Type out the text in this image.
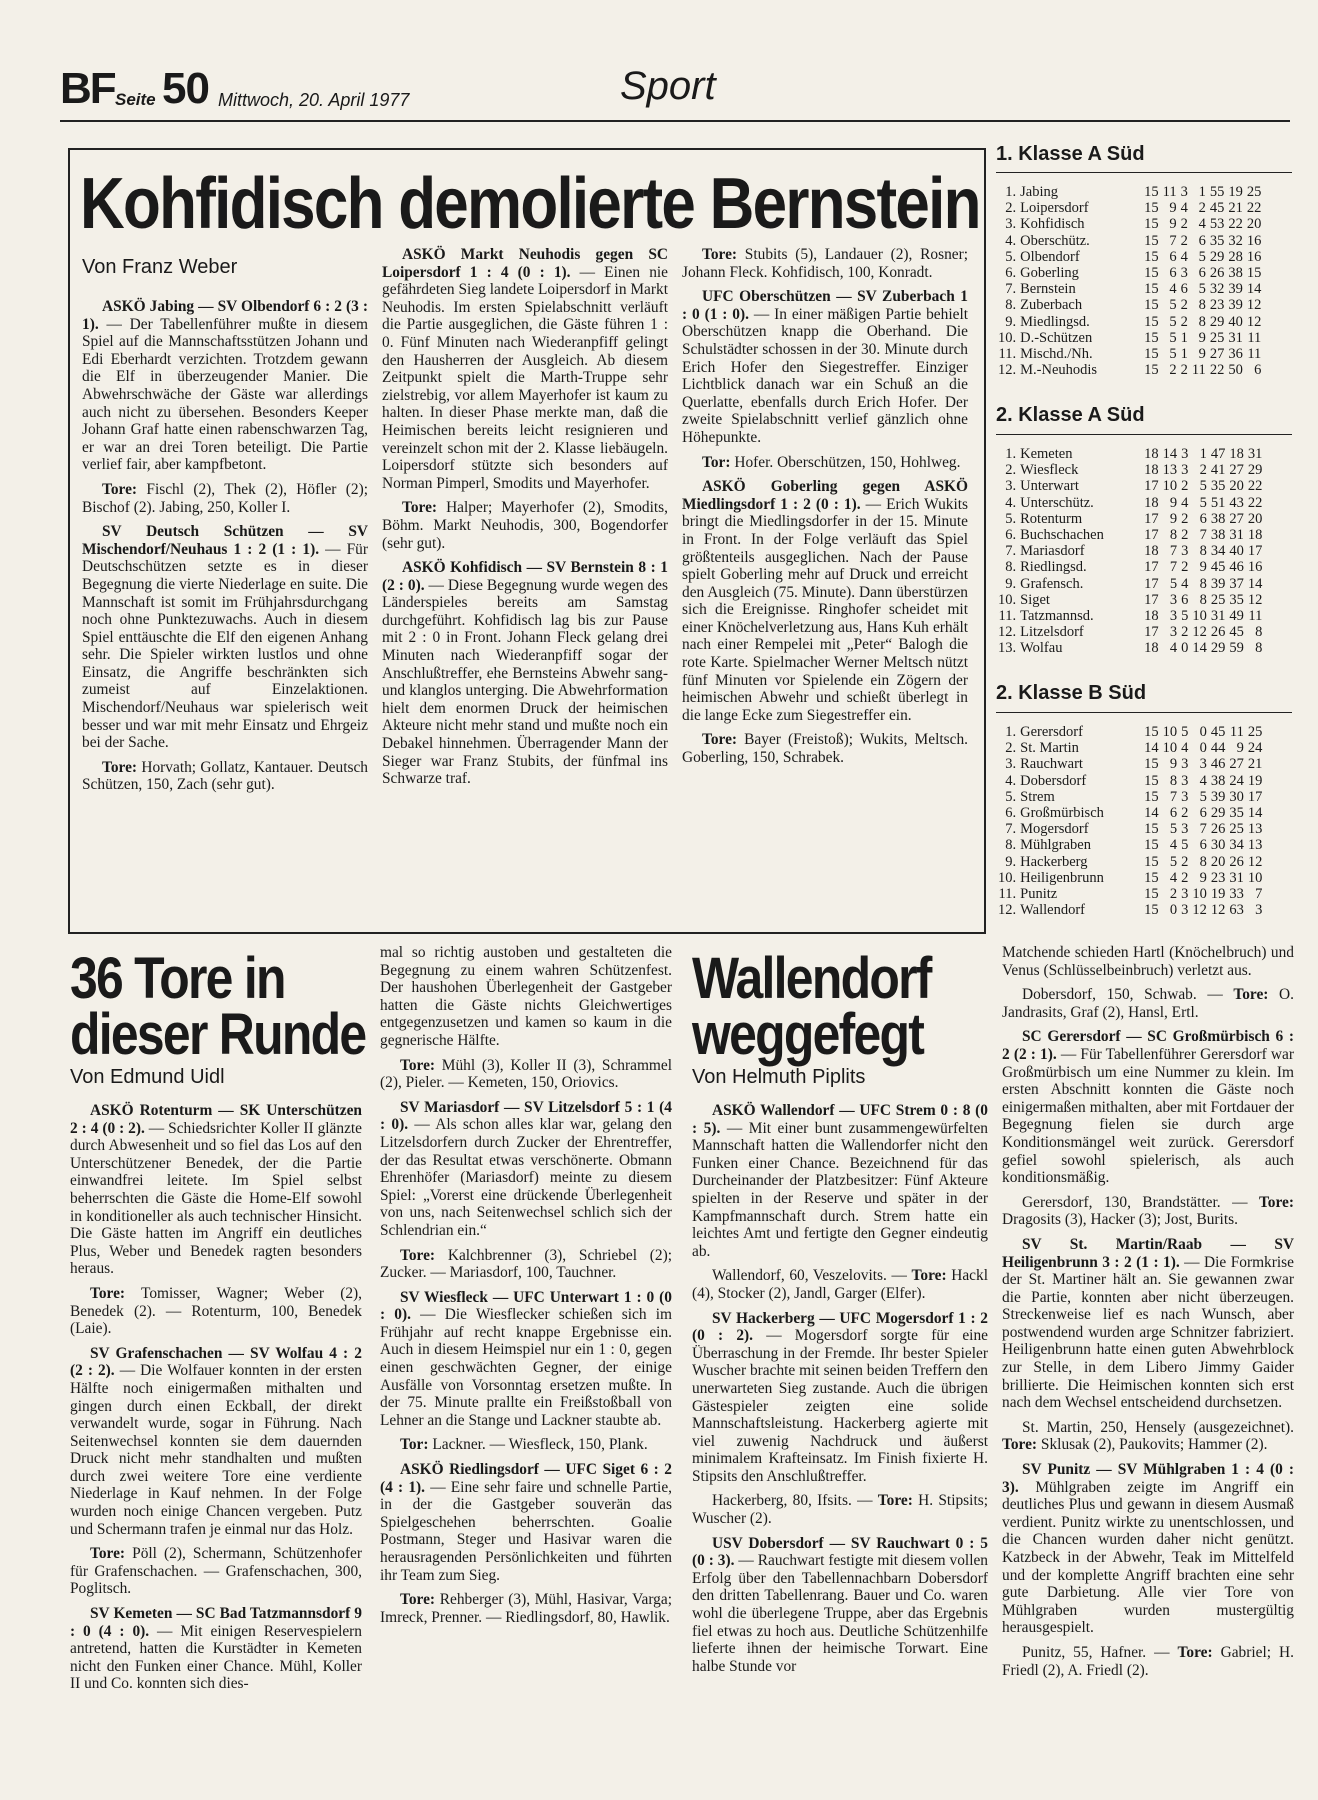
BF Seite 50 Mittwoch, 20. April 1977	Sport
Kohfidisch demolierte Bernstein
Von Franz Weber

ASKÖ Jabing — SV Olbendorf 6 : 2 (3 : 1). — Der Tabellenführer mußte in diesem Spiel auf die Mannschaftsstützen Johann und Edi Eberhardt verzichten. Trotzdem gewann die Elf in überzeugender Manier. Die Abwehrschwäche der Gäste war allerdings auch nicht zu übersehen. Besonders Keeper Johann Graf hatte einen rabenschwarzen Tag, er war an drei Toren beteiligt. Die Partie verlief fair, aber kampfbetont.

Tore: Fischl (2), Thek (2), Höfler (2); Bischof (2). Jabing, 250, Koller I.

SV Deutsch Schützen — SV Mischendorf/Neuhaus 1 : 2 (1 : 1). — Für Deutschschützen setzte es in dieser Begegnung die vierte Niederlage en suite. Die Mannschaft ist somit im Frühjahrsdurchgang noch ohne Punktezuwachs. Auch in diesem Spiel enttäuschte die Elf den eigenen Anhang sehr. Die Spieler wirkten lustlos und ohne Einsatz, die Angriffe beschränkten sich zumeist auf Einzelaktionen. Mischendorf/Neuhaus war spielerisch weit besser und war mit mehr Einsatz und Ehrgeiz bei der Sache.

Tore: Horvath; Gollatz, Kantauer. Deutsch Schützen, 150, Zach (sehr gut).

ASKÖ Markt Neuhodis gegen SC Loipersdorf 1 : 4 (0 : 1). — Einen nie gefährdeten Sieg landete Loipersdorf in Markt Neuhodis. Im ersten Spielabschnitt verläuft die Partie ausgeglichen, die Gäste führen 1 : 0. Fünf Minuten nach Wiederanpfiff gelingt den Hausherren der Ausgleich. Ab diesem Zeitpunkt spielt die Marth-Truppe sehr zielstrebig, vor allem Mayerhofer ist kaum zu halten. In dieser Phase merkte man, daß die Heimischen bereits leicht resignieren und vereinzelt schon mit der 2. Klasse liebäugeln. Loipersdorf stützte sich besonders auf Norman Pimperl, Smodits und Mayerhofer.

Tore: Halper; Mayerhofer (2), Smodits, Böhm. Markt Neuhodis, 300, Bogendorfer (sehr gut).

ASKÖ Kohfidisch — SV Bernstein 8 : 1 (2 : 0). — Diese Begegnung wurde wegen des Länderspieles bereits am Samstag durchgeführt. Kohfidisch lag bis zur Pause mit 2 : 0 in Front. Johann Fleck gelang drei Minuten nach Wiederanpfiff sogar der Anschlußtreffer, ehe Bernsteins Abwehr sang- und klanglos unterging. Die Abwehrformation hielt dem enormen Druck der heimischen Akteure nicht mehr stand und mußte noch ein Debakel hinnehmen. Überragender Mann der Sieger war Franz Stubits, der fünfmal ins Schwarze traf.

Tore: Stubits (5), Landauer (2), Rosner; Johann Fleck. Kohfidisch, 100, Konradt.

UFC Oberschützen — SV Zuberbach 1 : 0 (1 : 0). — In einer mäßigen Partie behielt Oberschützen knapp die Oberhand. Die Schulstädter schossen in der 30. Minute durch Erich Hofer den Siegestreffer. Einziger Lichtblick danach war ein Schuß an die Querlatte, ebenfalls durch Erich Hofer. Der zweite Spielabschnitt verlief gänzlich ohne Höhepunkte.

Tor: Hofer. Oberschützen, 150, Hohlweg.

ASKÖ Goberling gegen ASKÖ Miedlingsdorf 1 : 2 (0 : 1). — Erich Wukits bringt die Miedlingsdorfer in der 15. Minute in Front. In der Folge verläuft das Spiel größtenteils ausgeglichen. Nach der Pause spielt Goberling mehr auf Druck und erreicht den Ausgleich (75. Minute). Dann überstürzen sich die Ereignisse. Ringhofer scheidet mit einer Knöchelverletzung aus, Hans Kuh erhält nach einer Rempelei mit „Peter“ Balogh die rote Karte. Spielmacher Werner Meltsch nützt fünf Minuten vor Spielende ein Zögern der heimischen Abwehr und schießt überlegt in die lange Ecke zum Siegestreffer ein.

Tore: Bayer (Freistoß); Wukits, Meltsch. Goberling, 150, Schrabek.

1. Klasse A Süd
1.	Jabing	15	11	3	1	55	19	25
2.	Loipersdorf	15	9	4	2	45	21	22
3.	Kohfidisch	15	9	2	4	53	22	20
4.	Oberschütz.	15	7	2	6	35	32	16
5.	Olbendorf	15	6	4	5	29	28	16
6.	Goberling	15	6	3	6	26	38	15
7.	Bernstein	15	4	6	5	32	39	14
8.	Zuberbach	15	5	2	8	23	39	12
9.	Miedlingsd.	15	5	2	8	29	40	12
10.	D.-Schützen	15	5	1	9	25	31	11
11.	Mischd./Nh.	15	5	1	9	27	36	11
12.	M.-Neuhodis	15	2	2	11	22	50	6
2. Klasse A Süd
1.	Kemeten	18	14	3	1	47	18	31
2.	Wiesfleck	18	13	3	2	41	27	29
3.	Unterwart	17	10	2	5	35	20	22
4.	Unterschütz.	18	9	4	5	51	43	22
5.	Rotenturm	17	9	2	6	38	27	20
6.	Buchschachen	17	8	2	7	38	31	18
7.	Mariasdorf	18	7	3	8	34	40	17
8.	Riedlingsd.	17	7	2	9	45	46	16
9.	Grafensch.	17	5	4	8	39	37	14
10.	Siget	17	3	6	8	25	35	12
11.	Tatzmannsd.	18	3	5	10	31	49	11
12.	Litzelsdorf	17	3	2	12	26	45	8
13.	Wolfau	18	4	0	14	29	59	8
2. Klasse B Süd
1.	Gerersdorf	15	10	5	0	45	11	25
2.	St. Martin	14	10	4	0	44	9	24
3.	Rauchwart	15	9	3	3	46	27	21
4.	Dobersdorf	15	8	3	4	38	24	19
5.	Strem	15	7	3	5	39	30	17
6.	Großmürbisch	14	6	2	6	29	35	14
7.	Mogersdorf	15	5	3	7	26	25	13
8.	Mühlgraben	15	4	5	6	30	34	13
9.	Hackerberg	15	5	2	8	20	26	12
10.	Heiligenbrunn	15	4	2	9	23	31	10
11.	Punitz	15	2	3	10	19	33	7
12.	Wallendorf	15	0	3	12	12	63	3
36 Tore in
dieser Runde
Von Edmund Uidl

ASKÖ Rotenturm — SK Unterschützen 2 : 4 (0 : 2). — Schiedsrichter Koller II glänzte durch Abwesenheit und so fiel das Los auf den Unterschützener Benedek, der die Partie einwandfrei leitete. Im Spiel selbst beherrschten die Gäste die Home-Elf sowohl in konditioneller als auch technischer Hinsicht. Die Gäste hatten im Angriff ein deutliches Plus, Weber und Benedek ragten besonders heraus.

Tore: Tomisser, Wagner; Weber (2), Benedek (2). — Rotenturm, 100, Benedek (Laie).

SV Grafenschachen — SV Wolfau 4 : 2 (2 : 2). — Die Wolfauer konnten in der ersten Hälfte noch einigermaßen mithalten und gingen durch einen Eckball, der direkt verwandelt wurde, sogar in Führung. Nach Seitenwechsel konnten sie dem dauernden Druck nicht mehr standhalten und mußten durch zwei weitere Tore eine verdiente Niederlage in Kauf nehmen. In der Folge wurden noch einige Chancen vergeben. Putz und Schermann trafen je einmal nur das Holz.

Tore: Pöll (2), Schermann, Schützenhofer für Grafenschachen. — Grafenschachen, 300, Poglitsch.

SV Kemeten — SC Bad Tatzmannsdorf 9 : 0 (4 : 0). — Mit einigen Reservespielern antretend, hatten die Kurstädter in Kemeten nicht den Funken einer Chance. Mühl, Koller II und Co. konnten sich dies-

mal so richtig austoben und gestalteten die Begegnung zu einem wahren Schützenfest. Der haushohen Überlegenheit der Gastgeber hatten die Gäste nichts Gleichwertiges entgegenzusetzen und kamen so kaum in die gegnerische Hälfte.

Tore: Mühl (3), Koller II (3), Schrammel (2), Pieler. — Kemeten, 150, Oriovics.

SV Mariasdorf — SV Litzelsdorf 5 : 1 (4 : 0). — Als schon alles klar war, gelang den Litzelsdorfern durch Zucker der Ehrentreffer, der das Resultat etwas verschönerte. Obmann Ehrenhöfer (Mariasdorf) meinte zu diesem Spiel: „Vorerst eine drückende Überlegenheit von uns, nach Seitenwechsel schlich sich der Schlendrian ein.“

Tore: Kalchbrenner (3), Schriebel (2); Zucker. — Mariasdorf, 100, Tauchner.

SV Wiesfleck — UFC Unterwart 1 : 0 (0 : 0). — Die Wiesflecker schießen sich im Frühjahr auf recht knappe Ergebnisse ein. Auch in diesem Heimspiel nur ein 1 : 0, gegen einen geschwächten Gegner, der einige Ausfälle von Vorsonntag ersetzen mußte. In der 75. Minute prallte ein Freißstoßball von Lehner an die Stange und Lackner staubte ab.

Tor: Lackner. — Wiesfleck, 150, Plank.

ASKÖ Riedlingsdorf — UFC Siget 6 : 2 (4 : 1). — Eine sehr faire und schnelle Partie, in der die Gastgeber souverän das Spielgeschehen beherrschten. Goalie Postmann, Steger und Hasivar waren die herausragenden Persönlichkeiten und führten ihr Team zum Sieg.

Tore: Rehberger (3), Mühl, Hasivar, Varga; Imreck, Prenner. — Riedlingsdorf, 80, Hawlik.

Wallendorf
weggefegt
Von Helmuth Piplits

ASKÖ Wallendorf — UFC Strem 0 : 8 (0 : 5). — Mit einer bunt zusammengewürfelten Mannschaft hatten die Wallendorfer nicht den Funken einer Chance. Bezeichnend für das Durcheinander der Platzbesitzer: Fünf Akteure spielten in der Reserve und später in der Kampfmannschaft durch. Strem hatte ein leichtes Amt und fertigte den Gegner eindeutig ab.

Wallendorf, 60, Veszelovits. — Tore: Hackl (4), Stocker (2), Jandl, Garger (Elfer).

SV Hackerberg — UFC Mogersdorf 1 : 2 (0 : 2). — Mogersdorf sorgte für eine Überraschung in der Fremde. Ihr bester Spieler Wuscher brachte mit seinen beiden Treffern den unerwarteten Sieg zustande. Auch die übrigen Gästespieler zeigten eine solide Mannschaftsleistung. Hackerberg agierte mit viel zuwenig Nachdruck und äußerst minimalem Krafteinsatz. Im Finish fixierte H. Stipsits den Anschlußtreffer.

Hackerberg, 80, Ifsits. — Tore: H. Stipsits; Wuscher (2).

USV Dobersdorf — SV Rauchwart 0 : 5 (0 : 3). — Rauchwart festigte mit diesem vollen Erfolg über den Tabellennachbarn Dobersdorf den dritten Tabellenrang. Bauer und Co. waren wohl die überlegene Truppe, aber das Ergebnis fiel etwas zu hoch aus. Deutliche Schützenhilfe lieferte ihnen der heimische Torwart. Eine halbe Stunde vor

Matchende schieden Hartl (Knöchelbruch) und Venus (Schlüsselbeinbruch) verletzt aus.

Dobersdorf, 150, Schwab. — Tore: O. Jandrasits, Graf (2), Hansl, Ertl.

SC Gerersdorf — SC Großmürbisch 6 : 2 (2 : 1). — Für Tabellenführer Gerersdorf war Großmürbisch um eine Nummer zu klein. Im ersten Abschnitt konnten die Gäste noch einigermaßen mithalten, aber mit Fortdauer der Begegnung fielen sie durch arge Konditionsmängel weit zurück. Gerersdorf gefiel sowohl spielerisch, als auch konditionsmäßig.

Gerersdorf, 130, Brandstätter. — Tore: Dragosits (3), Hacker (3); Jost, Burits.

SV St. Martin/Raab — SV Heiligenbrunn 3 : 2 (1 : 1). — Die Formkrise der St. Martiner hält an. Sie gewannen zwar die Partie, konnten aber nicht überzeugen. Streckenweise lief es nach Wunsch, aber postwendend wurden arge Schnitzer fabriziert. Heiligenbrunn hatte einen guten Abwehrblock zur Stelle, in dem Libero Jimmy Gaider brillierte. Die Heimischen konnten sich erst nach dem Wechsel entscheidend durchsetzen.

St. Martin, 250, Hensely (ausgezeichnet). Tore: Sklusak (2), Paukovits; Hammer (2).

SV Punitz — SV Mühlgraben 1 : 4 (0 : 3). Mühlgraben zeigte im Angriff ein deutliches Plus und gewann in diesem Ausmaß verdient. Punitz wirkte zu unentschlossen, und die Chancen wurden daher nicht genützt. Katzbeck in der Abwehr, Teak im Mittelfeld und der komplette Angriff brachten eine sehr gute Darbietung. Alle vier Tore von Mühlgraben wurden mustergültig herausgespielt.

Punitz, 55, Hafner. — Tore: Gabriel; H. Friedl (2), A. Friedl (2).
